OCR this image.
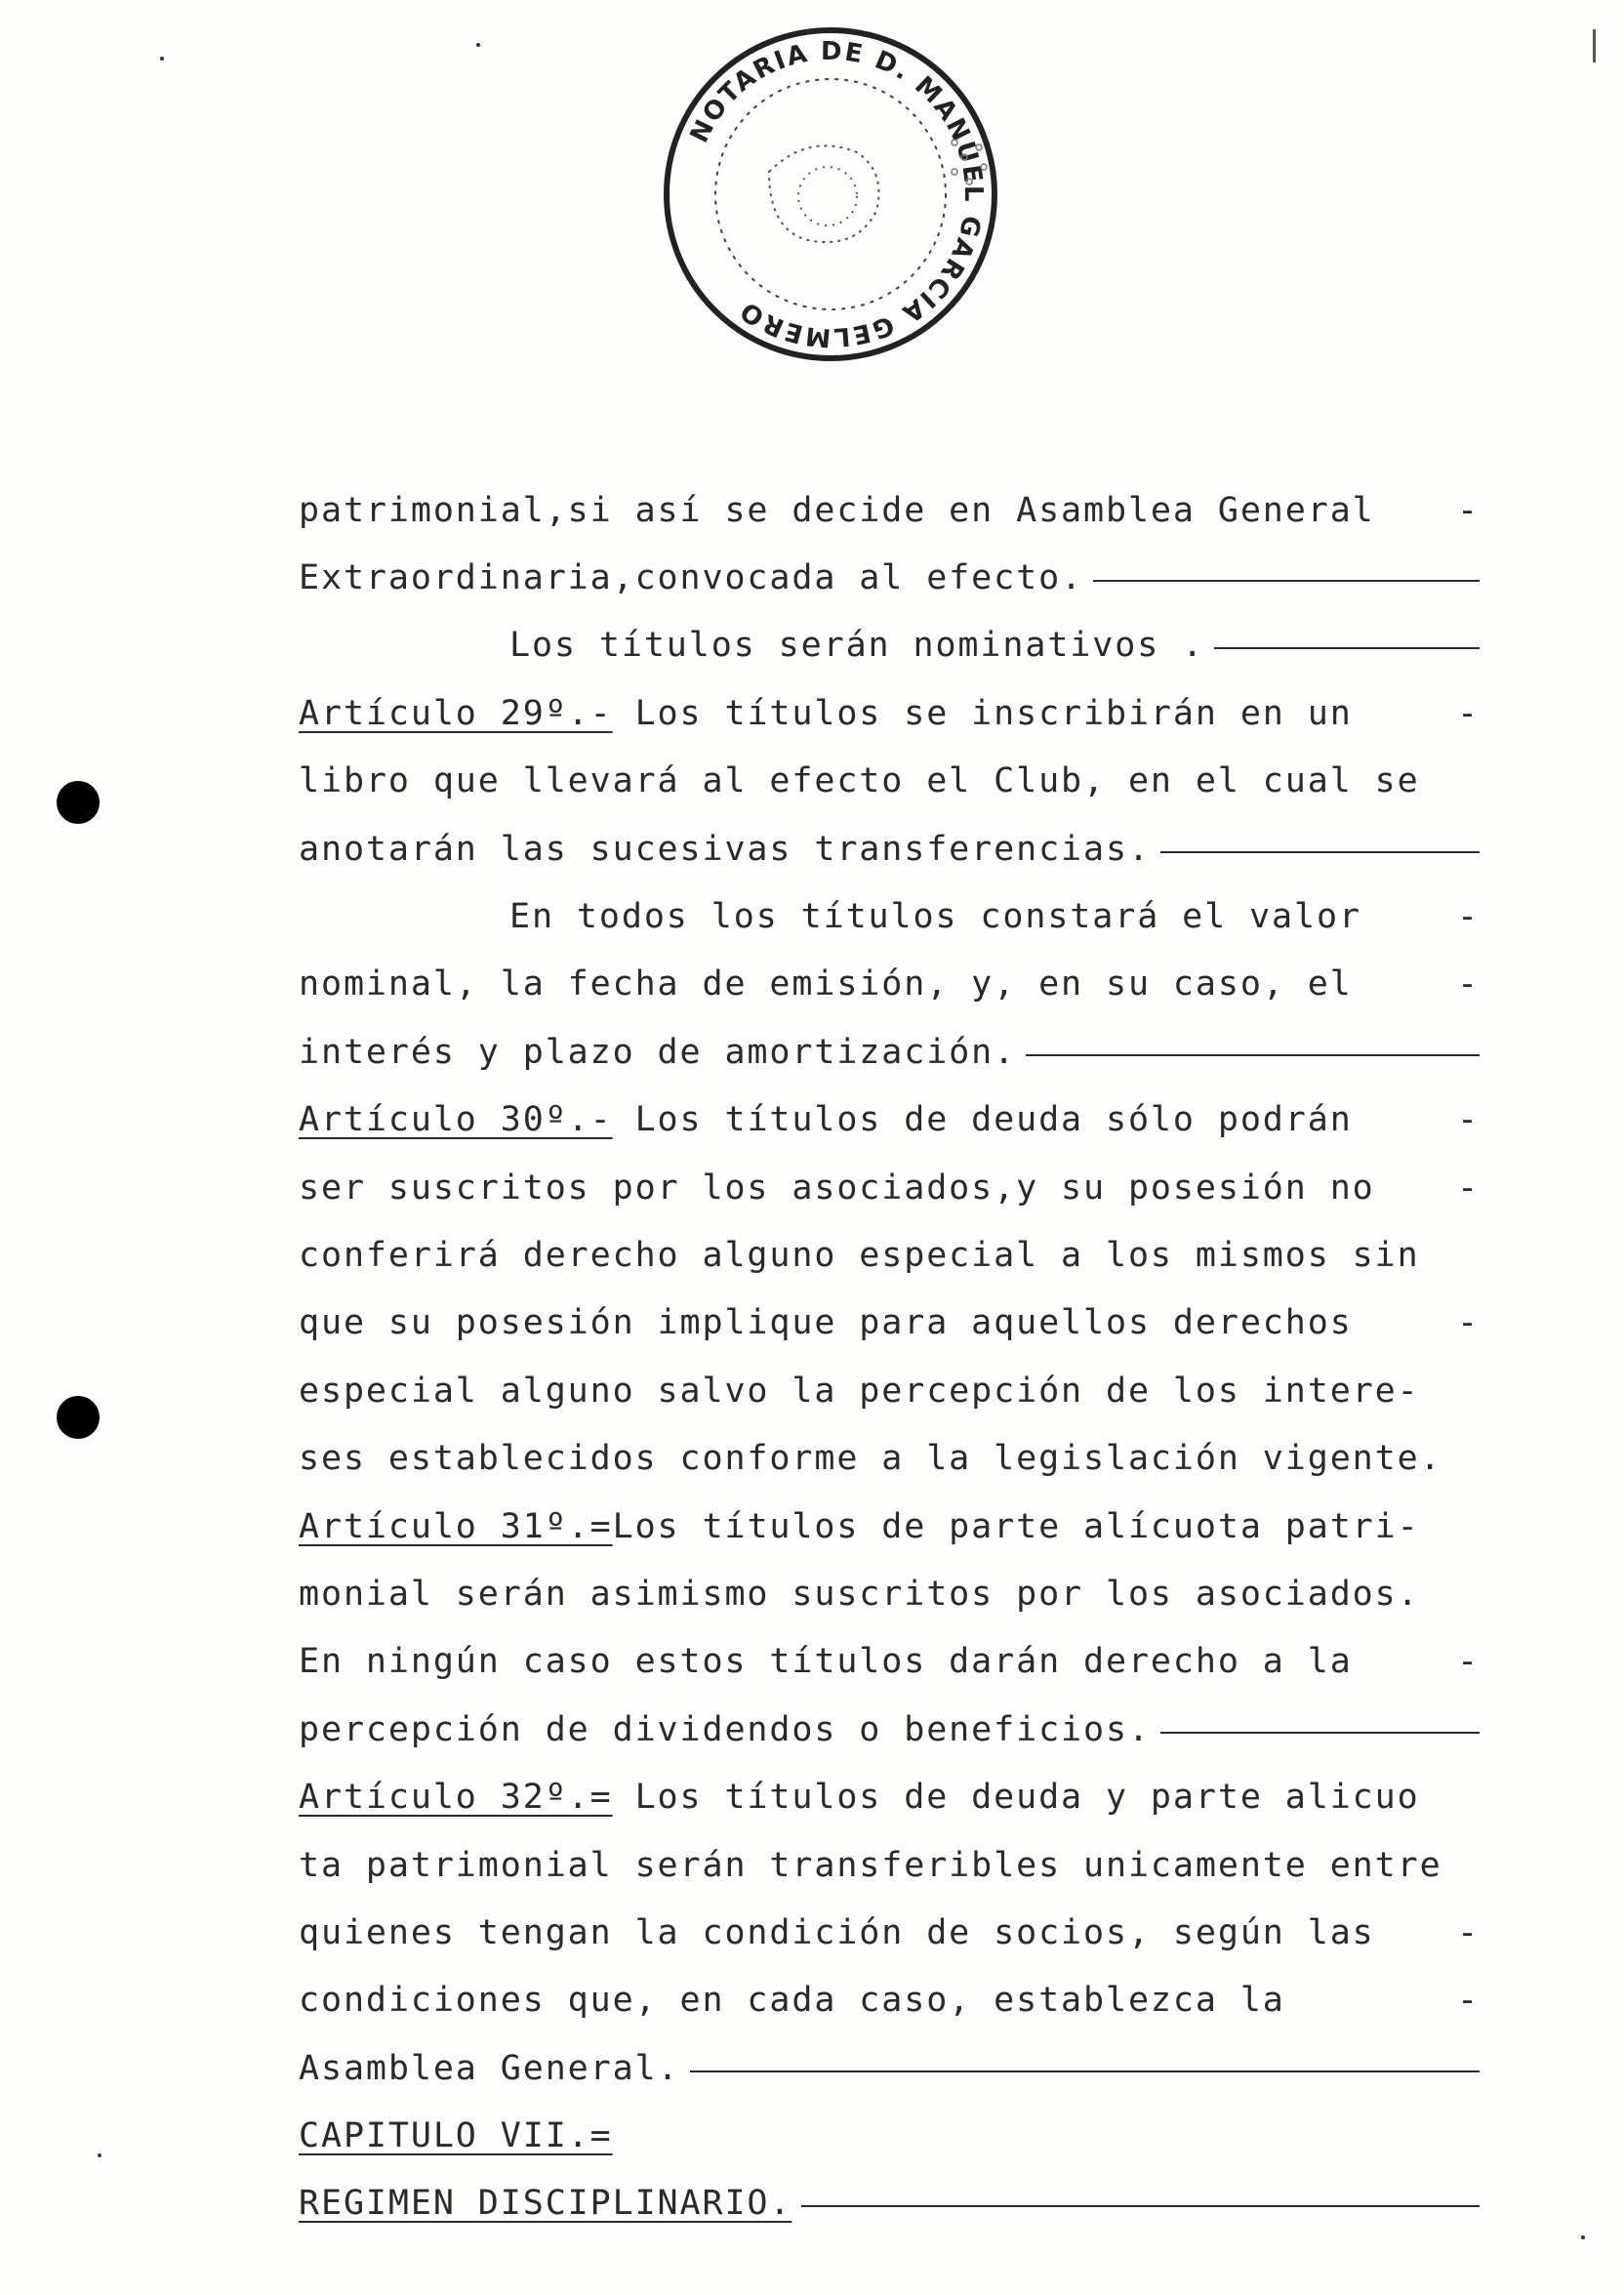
NOTARIA DE D. MANUEL GARCIA GELMERO
patrimonial,si así se decide en Asamblea General	-
Extraordinaria,convocada al efecto.
Los títulos serán nominativos .
Artículo 29º.- Los títulos se inscribirán en un	-
libro que llevará al efecto el Club, en el cual se
anotarán las sucesivas transferencias.
En todos los títulos constará el valor	-
nominal, la fecha de emisión, y, en su caso, el	-
interés y plazo de amortización.
Artículo 30º.- Los títulos de deuda sólo podrán	-
ser suscritos por los asociados,y su posesión no	-
conferirá derecho alguno especial a los mismos sin
que su posesión implique para aquellos derechos	-
especial alguno salvo la percepción de los intere-
ses establecidos conforme a la legislación vigente.
Artículo 31º.= Los títulos de parte alícuota patri-
monial serán asimismo suscritos por los asociados.
En ningún caso estos títulos darán derecho a la	-
percepción de dividendos o beneficios.
Artículo 32º.= Los títulos de deuda y parte alicuo
ta patrimonial serán transferibles unicamente entre
quienes tengan la condición de socios, según las	-
condiciones que, en cada caso, establezca la	-
Asamblea General.
CAPITULO VII.=
REGIMEN DISCIPLINARIO.
